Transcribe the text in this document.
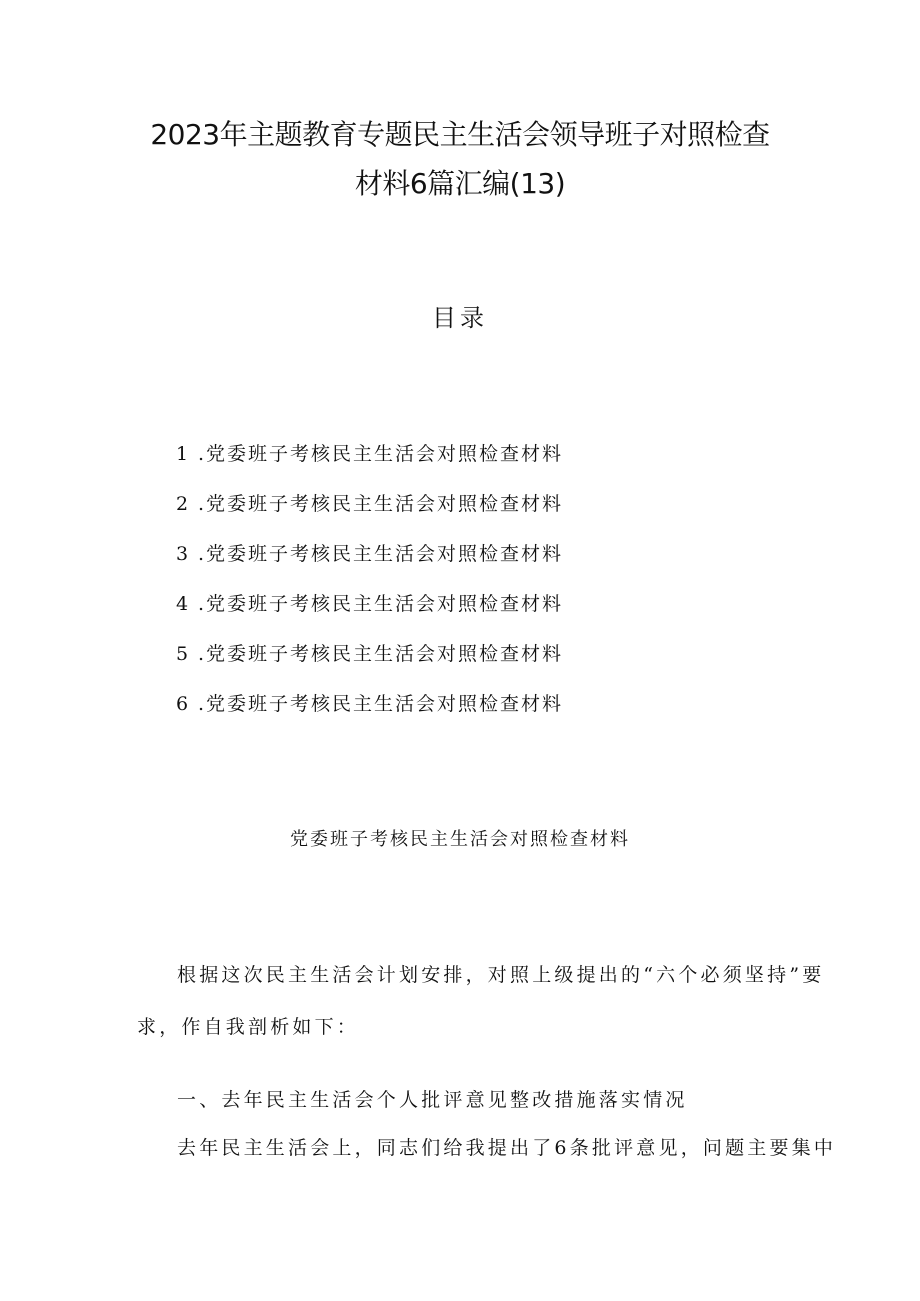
2023年主题教育专题民主生活会领导班子对照检查
材料6篇汇编(13)
目录
1 .党委班子考核民主生活会对照检查材料
2 .党委班子考核民主生活会对照检查材料
3 .党委班子考核民主生活会对照检查材料
4 .党委班子考核民主生活会对照检查材料
5 .党委班子考核民主生活会对照检查材料
6 .党委班子考核民主生活会对照检查材料
党委班子考核民主生活会对照检查材料
根据这次民主生活会计划安排，对照上级提出的“六个必须坚持”要
求，作自我剖析如下：
一、去年民主生活会个人批评意见整改措施落实情况
去年民主生活会上，同志们给我提出了6条批评意见，问题主要集中
